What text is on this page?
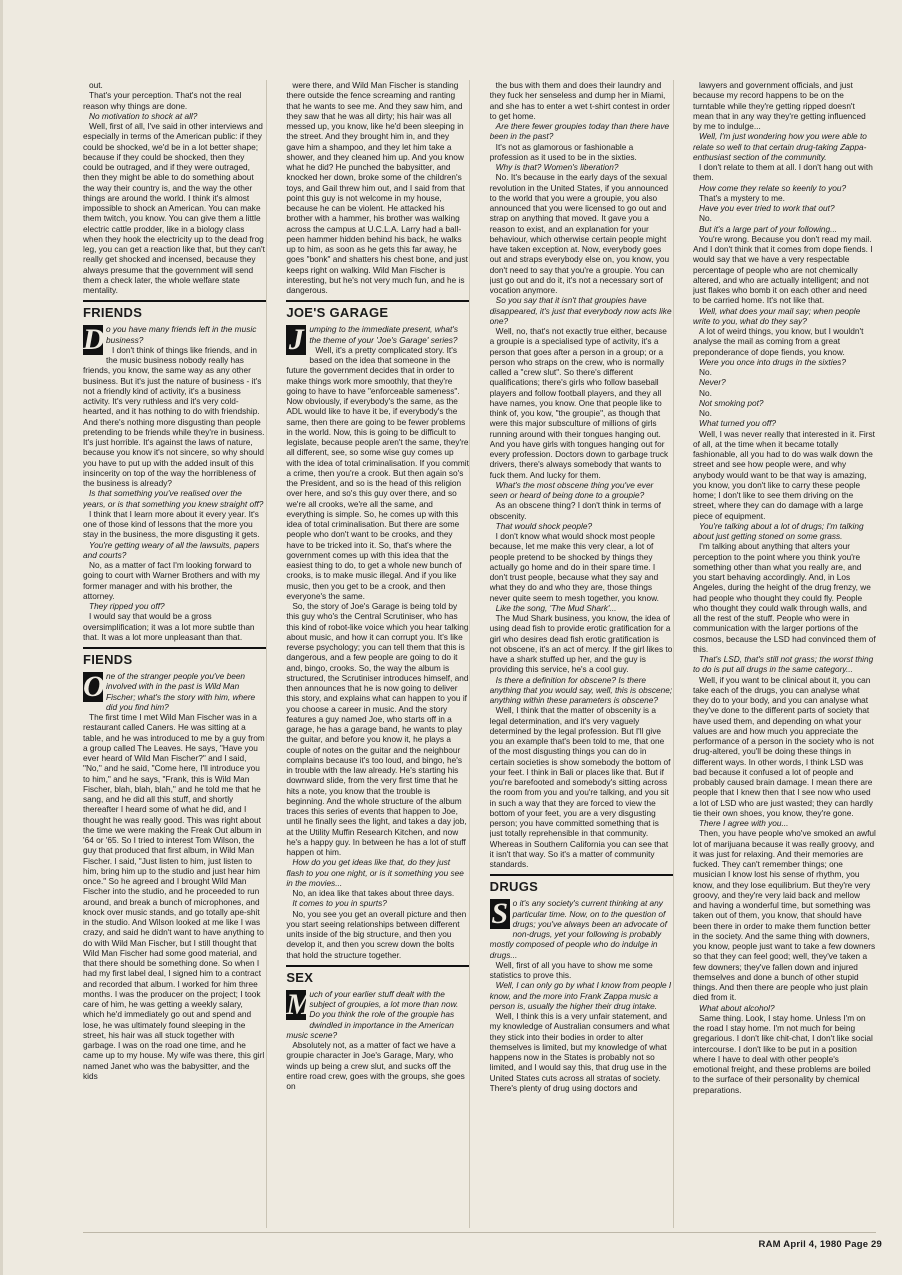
out.

That's your perception. That's not the real reason why things are done.

No motivation to shock at all?

Well, first of all, I've said in other interviews and especially in terms of the American public: if they could be shocked, we'd be in a lot better shape; because if they could be shocked, then they could be outraged, and if they were outraged, then they might be able to do something about the way their country is, and the way the other things are around the world. I think it's almost impossible to shock an American. You can make them twitch, you know. You can give them a little electric cattle prodder, like in a biology class when they hook the electricity up to the dead frog leg, you can get a reaction like that, but they can't really get shocked and incensed, because they always presume that the government will send them a check later, the whole welfare state mentality.

FRIENDS

D o you have many friends left in the music business?

I don't think of things like friends, and in the music business nobody really has friends, you know, the same way as any other business. But it's just the nature of business - it's not a friendly kind of activity, it's a business activity. It's very ruthless and it's very cold-hearted, and it has nothing to do with friendship. And there's nothing more disgusting than people pretending to be friends while they're in business. It's just horrible. It's against the laws of nature, because you know it's not sincere, so why should you have to put up with the added insult of this insincerity on top of the way the horribleness of the business is already?

Is that something you've realised over the years, or is that something you knew straight off?

I think that I learn more about it every year. It's one of those kind of lessons that the more you stay in the business, the more disgusting it gets.

You're getting weary of all the lawsuits, papers and courts?

No, as a matter of fact I'm looking forward to going to court with Warner Brothers and with my former manager and with his brother, the attorney.

They ripped you off?

I would say that would be a gross oversimplification; it was a lot more subtle than that. It was a lot more unpleasant than that.

FIENDS

O ne of the stranger people you've been involved with in the past is Wild Man Fischer; what's the story with him, where did you find him?

The first time I met Wild Man Fischer was in a restaurant called Caners. He was sitting at a table, and he was introduced to me by a guy from a group called The Leaves. He says, "Have you ever heard of Wild Man Fischer?" and I said, "No," and he said, "Come here, I'll introduce you to him," and he says, "Frank, this is Wild Man Fischer, blah, blah, blah," and he told me that he sang, and he did all this stuff, and shortly thereafter I heard some of what he did, and I thought he was really good. This was right about the time we were making the Freak Out album in '64 or '65. So I tried to interest Tom Wilson, the guy that produced that first album, in Wild Man Fischer. I said, "Just listen to him, just listen to him, bring him up to the studio and just hear him once." So he agreed and I brought Wild Man Fischer into the studio, and he proceeded to run around, and break a bunch of microphones, and knock over music stands, and go totally ape-shit in the studio. And Wilson looked at me like I was crazy, and said he didn't want to have anything to do with Wild Man Fischer, but I still thought that Wild Man Fischer had some good material, and that there should be something done. So when I had my first label deal, I signed him to a contract and recorded that album. I worked for him three months. I was the producer on the project; I took care of him, he was getting a weekly salary, which he'd immediately go out and spend and lose, he was ultimately found sleeping in the street, his hair was all stuck together with garbage. I was on the road one time, and he came up to my house. My wife was there, this girl named Janet who was the babysitter, and the kids

were there, and Wild Man Fischer is standing there outside the fence screaming and ranting that he wants to see me. And they saw him, and they saw that he was all dirty; his hair was all messed up, you know, like he'd been sleeping in the street. And they brought him in, and they gave him a shampoo, and they let him take a shower, and they cleaned him up. And you know what he did? He punched the babysitter, and knocked her down, broke some of the children's toys, and Gail threw him out, and I said from that point this guy is not welcome in my house, because he can be violent. He attacked his brother with a hammer, his brother was walking across the campus at U.C.L.A. Larry had a ball-peen hammer hidden behind his back, he walks up to him, as soon as he gets this far away, he goes "bonk" and shatters his chest bone, and just keeps right on walking. Wild Man Fischer is interesting, but he's not very much fun, and he is dangerous.

JOE'S GARAGE

J umping to the immediate present, what's the theme of your 'Joe's Garage' series?

Well, it's a pretty complicated story. It's based on the idea that someone in the future the government decides that in order to make things work more smoothly, that they're going to have to have "enforceable sameness". Now obviously, if everybody's the same, as the ADL would like to have it be, if everybody's the same, then there are going to be fewer problems in the world. Now, this is going to be difficult to legislate, because people aren't the same, they're all different, see, so some wise guy comes up with the idea of total criminalisation. If you commit a crime, then you're a crook. But then again so's the President, and so is the head of this religion over here, and so's this guy over there, and so we're all crooks, we're all the same, and everything is simple. So, he comes up with this idea of total criminalisation. But there are some people who don't want to be crooks, and they have to be tricked into it. So, that's where the government comes up with this idea that the easiest thing to do, to get a whole new bunch of crooks, is to make music illegal. And if you like music, then you get to be a crook, and then everyone's the same.

So, the story of Joe's Garage is being told by this guy who's the Central Scrutiniser, who has this kind of robot-like voice which you hear talking about music, and how it can corrupt you. It's like reverse psychology; you can tell them that this is dangerous, and a few people are going to do it and, bingo, crooks. So, the way the album is structured, the Scrutiniser introduces himself, and then announces that he is now going to deliver this story, and explains what can happen to you if you choose a career in music. And the story features a guy named Joe, who starts off in a garage, he has a garage band, he wants to play the guitar, and before you know it, he plays a couple of notes on the guitar and the neighbour complains because it's too loud, and bingo, he's in trouble with the law already. He's starting his downward slide, from the very first time that he hits a note, you know that the trouble is beginning. And the whole structure of the album traces this series of events that happen to Joe, until he finally sees the light, and takes a day job, at the Utility Muffin Research Kitchen, and now he's a happy guy. In between he has a lot of stuff happen ot him.

How do you get ideas like that, do they just flash to you one night, or is it something you see in the movies...

No, an idea like that takes about three days.

It comes to you in spurts?

No, you see you get an overall picture and then you start seeing relationships between different units inside of the big structure, and then you develop it, and then you screw down the bolts that hold the structure together.

SEX

M
uch of your earlier stuff dealt with the subject of groupies, a lot more than now. Do you think the role of the groupie has dwindled in importance in the American music scene?

Absolutely not, as a matter of fact we have a groupie character in Joe's Garage, Mary, who winds up being a crew slut, and sucks off the entire road crew, goes with the groups, she goes on

the bus with them and does their laundry and they fuck her senseless and dump her in Miami, and she has to enter a wet t-shirt contest in order to get home.

Are there fewer groupies today than there have been in the past?

It's not as glamorous or fashionable a profession as it used to be in the sixties.

Why is that? Women's liberation?

No. It's because in the early days of the sexual revolution in the United States, if you announced to the world that you were a groupie, you also announced that you were licensed to go out and strap on anything that moved. It gave you a reason to exist, and an explanation for your behaviour, which otherwise certain people might have taken exception at. Now, everybody goes out and straps everybody else on, you know, you don't need to say that you're a groupie. You can just go out and do it, it's not a necessary sort of vocation anymore.

So you say that it isn't that groupies have disappeared, it's just that everybody now acts like one?

Well, no, that's not exactly true either, because a groupie is a specialised type of activity, it's a person that goes after a person in a group; or a person who straps on the crew, who is normally called a "crew slut". So there's different qualifications; there's girls who follow baseball players and follow football players, and they all have names, you know. One that people like to think of, you kow, "the groupie", as though that were this major subsculture of millions of girls running around with their tongues hanging out. And you have girls with tongues hanging out for every profession. Doctors down to garbage truck drivers, there's always somebody that wants to fuck them. And lucky for them.

What's the most obscene thing you've ever seen or heard of being done to a groupie?

As an obscene thing? I don't think in terms of obscenity.

That would shock people?

I don't know what would shock most people because, let me make this very clear, a lot of people pretend to be shocked by things they actually go home and do in their spare time. I don't trust people, because what they say and what they do and who they are, those things never quite seem to mesh together, you know.

Like the song, 'The Mud Shark'...

The Mud Shark business, you know, the idea of using dead fish to provide erotic gratification for a girl who desires dead fish erotic gratification is not obscene, it's an act of mercy. If the girl likes to have a shark stuffed up her, and the guy is providing this service, he's a cool guy.

Is there a definition for obscene? Is there anything that you would say, well, this is obscene; anything within these parameters is obscene?

Well, I think that the matter of obscenity is a legal determination, and it's very vaguely determined by the legal profession. But I'll give you an example that's been told to me, that one of the most disgusting things you can do in certain societies is show somebody the bottom of your feet. I think in Bali or places like that. But if you're barefooted and somebody's sitting across the room from you and you're talking, and you sit in such a way that they are forced to view the bottom of your feet, you are a very disgusting person; you have committed something that is just totally reprehensible in that community. Whereas in Southern California you can see that it isn't that way. So it's a matter of community standards.

DRUGS

S o it's any society's current thinking at any particular time. Now, on to the question of drugs; you've always been an advocate of non-drugs, yet your following is probably mostly composed of people who do indulge in drugs...

Well, first of all you have to show me some statistics to prove this.

Well, I can only go by what I know from people I know, and the more into Frank Zappa music a person is, usually the higher their drug intake.

Well, I think this is a very unfair statement, and my knowledge of Australian consumers and what they stick into their bodies in order to alter themselves is limited, but my knowledge of what happens now in the States is probably not so limited, and I would say this, that drug use in the United States cuts across all stratas of society. There's plenty of drug using doctors and

lawyers and government officials, and just because my record happens to be on the turntable while they're getting ripped doesn't mean that in any way they're getting influenced by me to indulge...

Well, I'm just wondering how you were able to relate so well to that certain drug-taking Zappa-enthusiast section of the community.

I don't relate to them at all. I don't hang out with them.

How come they relate so keenly to you?

That's a mystery to me.

Have you ever tried to work that out?

No.

But it's a large part of your following...

You're wrong. Because you don't read my mail. And I don't think that it comes from dope fiends. I would say that we have a very respectable percentage of people who are not chemically altered, and who are actually intelligent; and not just flakes who bomb it on each other and need to be carried home. It's not like that.

Well, what does your mail say; when people write to you, what do they say?

A lot of weird things, you know, but I wouldn't analyse the mail as coming from a great preponderance of dope fiends, you know.

Were you once into drugs in the sixties?

No.

Never?

No.

Not smoking pot?

No.

What turned you off?

Well, I was never really that interested in it. First of all, at the time when it became totally fashionable, all you had to do was walk down the street and see how people were, and why anybody would want to be that way is amazing, you know, you don't like to carry these people home; I don't like to see them driving on the street, where they can do damage with a large piece of equipment.

You're talking about a lot of drugs; I'm talking about just getting stoned on some grass.

I'm talking about anything that alters your perception to the point where you think you're something other than what you really are, and you start behaving accordingly. And, in Los Angeles, during the height of the drug frenzy, we had people who thought they could fly. People who thought they could walk through walls, and all the rest of the stuff. People who were in communication with the larger portions of the cosmos, because the LSD had convinced them of this.

That's LSD, that's still not grass; the worst thing to do is put all drugs in the same category...

Well, if you want to be clinical about it, you can take each of the drugs, you can analyse what they do to your body, and you can analyse what they've done to the different parts of society that have used them, and depending on what your values are and how much you appreciate the performance of a person in the society who is not drug-altered, you'll be doing these things in different ways. In other words, I think LSD was bad because it confused a lot of people and probably caused brain damage. I mean there are people that I knew then that I see now who used a lot of LSD who are just wasted; they can hardly tie their own shoes, you know, they're gone.

There I agree with you...

Then, you have people who've smoked an awful lot of marijuana because it was really groovy, and it was just for relaxing. And their memories are fucked. They can't remember things; one musician I know lost his sense of rhythm, you know, and they lose equilibrium. But they're very groovy, and they're very laid back and mellow and having a wonderful time, but something was taken out of them, you know, that should have been there in order to make them function better in the society. And the same thing with downers, you know, people just want to take a few downers so that they can feel good; well, they've taken a few downers; they've fallen down and injured themselves and done a bunch of other stupid things. And then there are people who just plain died from it.

What about alcohol?

Same thing. Look, I stay home. Unless I'm on the road I stay home. I'm not much for being gregarious. I don't like chit-chat, I don't like social intercourse. I don't like to be put in a position where I have to deal with other people's emotional freight, and these problems are boiled to the surface of their personality by chemical preparations.

RAM April 4, 1980 Page 29
